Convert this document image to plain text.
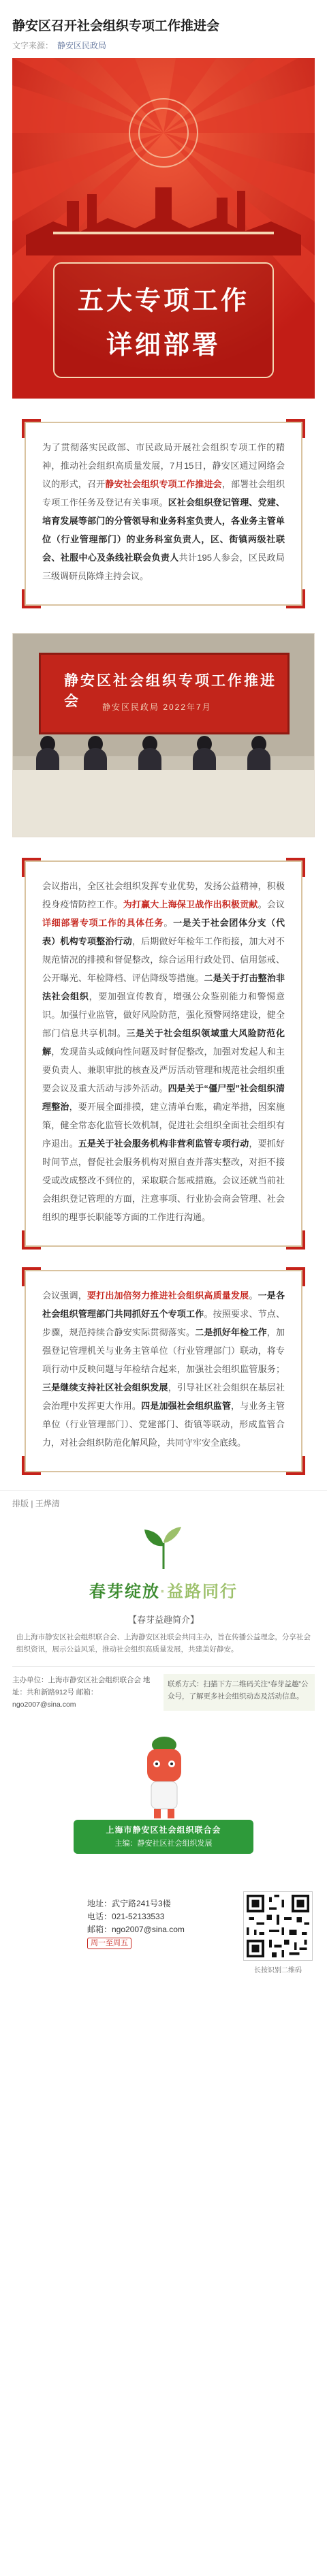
静安区召开社会组织专项工作推进会
文字来源： 静安区民政局
五大专项工作
详细部署

为了贯彻落实民政部、市民政局开展社会组织专项工作的精神，推动社会组织高质量发展，7月15日，静安区通过网络会议的形式，召开静安社会组织专项工作推进会，部署社会组织专项工作任务及登记有关事项。区社会组织登记管理、党建、培育发展等部门的分管领导和业务科室负责人，各业务主管单位（行业管理部门）的业务科室负责人，区、街镇两级社联会、社服中心及条线社联会负责人共计195人参会，区民政局三级调研员陈烽主持会议。

静安区社会组织专项工作推进会	静安区民政局 2022年7月

会议指出，全区社会组织发挥专业优势，发扬公益精神，积极投身疫情防控工作。为打赢大上海保卫战作出积极贡献。会议详细部署专项工作的具体任务。一是关于社会团体分支（代表）机构专项整治行动，后期做好年检年工作衔接，加大对不规范情况的排摸和督促整改，综合运用行政处罚、信用惩戒、公开曝光、年检降档、评估降级等措施。二是关于打击整治非法社会组织，要加强宣传教育，增强公众鉴别能力和警惕意识。加强行业监管，做好风险防范，强化预警网络建设，健全部门信息共享机制。三是关于社会组织领域重大风险防范化解，发现苗头或倾向性问题及时督促整改，加强对发起人和主要负责人、兼职审批的核查及严厉活动管理和规范社会组织重要会议及重大活动与涉外活动。四是关于“僵尸型”社会组织清理整治，要开展全面排摸，建立清单台账，确定举措，因案施策，健全常态化监管长效机制，促进社会组织全面社会组织有序退出。五是关于社会服务机构非营利监管专项行动，要抓好时间节点，督促社会服务机构对照自查并落实整改，对拒不接受或改成整改不到位的，采取联合惩戒措施。会议还就当前社会组织登记管理的方面，注意事项、行业协会商会管理、社会组织的理事长职能等方面的工作进行沟通。

会议强调，要打出加倍努力推进社会组织高质量发展。一是各社会组织管理部门共同抓好五个专项工作。按照要求、节点、步骤，规范持续合静安实际贯彻落实。二是抓好年检工作，加强登记管理机关与业务主管单位（行业管理部门）联动，将专项行动中反映问题与年检结合起来，加强社会组织监管服务；三是继续支持社区社会组织发展，引导社区社会组织在基层社会治理中发挥更大作用。四是加强社会组织监管，与业务主管单位（行业管理部门）、党建部门、街镇等联动，形成监管合力，对社会组织防范化解风险，共同守牢安全底线。

排版 | 王烨清
春芽绽放·益路同行
【春芽益趣简介】
由上海市静安区社会组织联合会、上海静安区社联会共同主办，旨在传播公益理念，分享社会组织资讯，展示公益风采，推动社会组织高质量发展，共建美好静安。
主办单位：上海市静安区社会组织联合会 地址：共和新路912号 邮箱：ngo2007@sina.com
联系方式：扫描下方二维码关注“春芽益趣”公众号，了解更多社会组织动态及活动信息。
上海市静安区社会组织联合会
主编：静安社区社会组织发展
地址：武宁路241号3楼
电话：021-52133533
邮箱：ngo2007@sina.com
周一至周五
长按识别二维码
